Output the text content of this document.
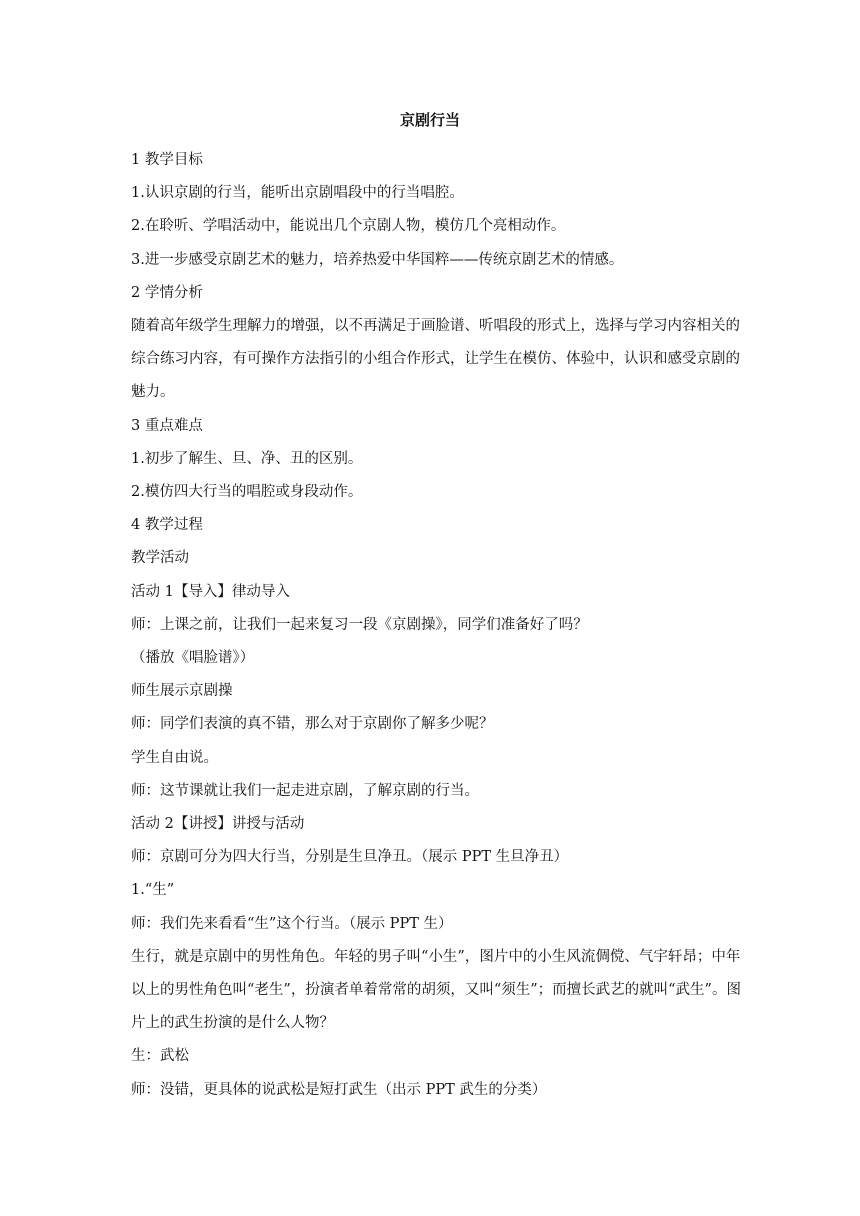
京剧行当

1 教学目标

1.认识京剧的行当，能听出京剧唱段中的行当唱腔。

2.在聆听、学唱活动中，能说出几个京剧人物，模仿几个亮相动作。

3.进一步感受京剧艺术的魅力，培养热爱中华国粹——传统京剧艺术的情感。

2 学情分析

随着高年级学生理解力的增强，以不再满足于画脸谱、听唱段的形式上，选择与学习内容相关的综合练习内容，有可操作方法指引的小组合作形式，让学生在模仿、体验中，认识和感受京剧的魅力。

3 重点难点

1.初步了解生、旦、净、丑的区别。

2.模仿四大行当的唱腔或身段动作。

4 教学过程

教学活动

活动 1【导入】律动导入

师：上课之前，让我们一起来复习一段《京剧操》，同学们准备好了吗？

（播放《唱脸谱》）

师生展示京剧操

师：同学们表演的真不错，那么对于京剧你了解多少呢？

学生自由说。

师：这节课就让我们一起走进京剧，了解京剧的行当。

活动 2【讲授】讲授与活动

师：京剧可分为四大行当，分别是生旦净丑。（展示 PPT 生旦净丑）

1.“生”

师：我们先来看看“生”这个行当。（展示 PPT 生）

生行，就是京剧中的男性角色。年轻的男子叫“小生”，图片中的小生风流倜傥、气宇轩昂；中年以上的男性角色叫“老生”，扮演者单着常常的胡须，又叫“须生”；而擅长武艺的就叫“武生”。图片上的武生扮演的是什么人物？

生：武松

师：没错，更具体的说武松是短打武生（出示 PPT 武生的分类）
